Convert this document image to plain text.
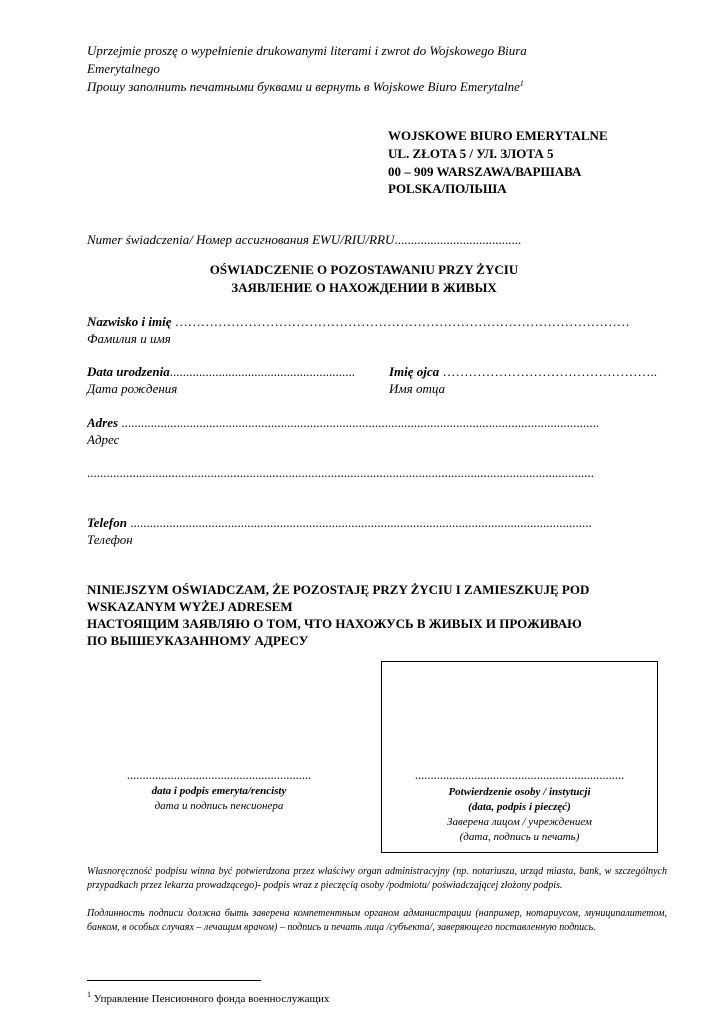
Uprzejmie proszę o wypełnienie drukowanymi literami i zwrot do Wojskowego Biura
Emerytalnego
Прошу заполнить печатными буквами и вернуть в Wojskowe Biuro Emerytalne$^1$
WOJSKOWE BIURO EMERYTALNE
UL. ZŁOTA 5 / УЛ. ЗЛОТА 5
00 – 909 WARSZAWA/ВАРШАВА
POLSKA/ПОЛЬША
Numer świadczenia/ Номер ассигнования EWU/RIU/RRU.......................................
OŚWIADCZENIE O POZOSTAWANIU PRZY ŻYCIU
ЗАЯВЛЕНИЕ О НАХОЖДЕНИИ В ЖИВЫХ
Nazwisko i imię ……………………………………………………………………………………………
Фамилия и имя
Data urodzenia.........................................................	Imię ojca …………………………………………..
Дата рождения	Имя отца
Adres ...................................................................................................................................................
Адрес
............................................................................................................................................................
Telefon ..............................................................................................................................................
Телефон
NINIEJSZYM OŚWIADCZAM, ŻE POZOSTAJĘ PRZY ŻYCIU I ZAMIESZKUJĘ POD
WSKAZANYM WYŻEJ ADRESEM
НАСТОЯЩИМ ЗАЯВЛЯЮ О ТОМ, ЧТО НАХОЖУСЬ В ЖИВЫХ И ПРОЖИВАЮ
ПО ВЫШЕУКАЗАННОМУ АДРЕСУ
...........................................................
data i podpis emeryta/rencisty
дата и подпись пенсионера
...................................................................
Potwierdzenie osoby / instytucji
(data, podpis i pieczęć)
Заверена лицом / учреждением
(дата, подпись и печать)
Własnoręczność podpisu winna być potwierdzona przez właściwy organ administracyjny (np. notariusza, urząd miasta, bank, w szczególnych przypadkach przez lekarza prowadzącego)- podpis wraz z pieczęcią osoby /podmiotu/ poświadczającej złożony podpis.
Подлинность подписи должна быть заверена компетентным органом администрации (например, нотариусом, муниципалитетом, банком, в особых случаях – лечащим врачом) – подпись и печать лица /субъекта/, заверяющего поставленную подпись.
$^1$ Управление Пенсионного фонда военнослужащих
